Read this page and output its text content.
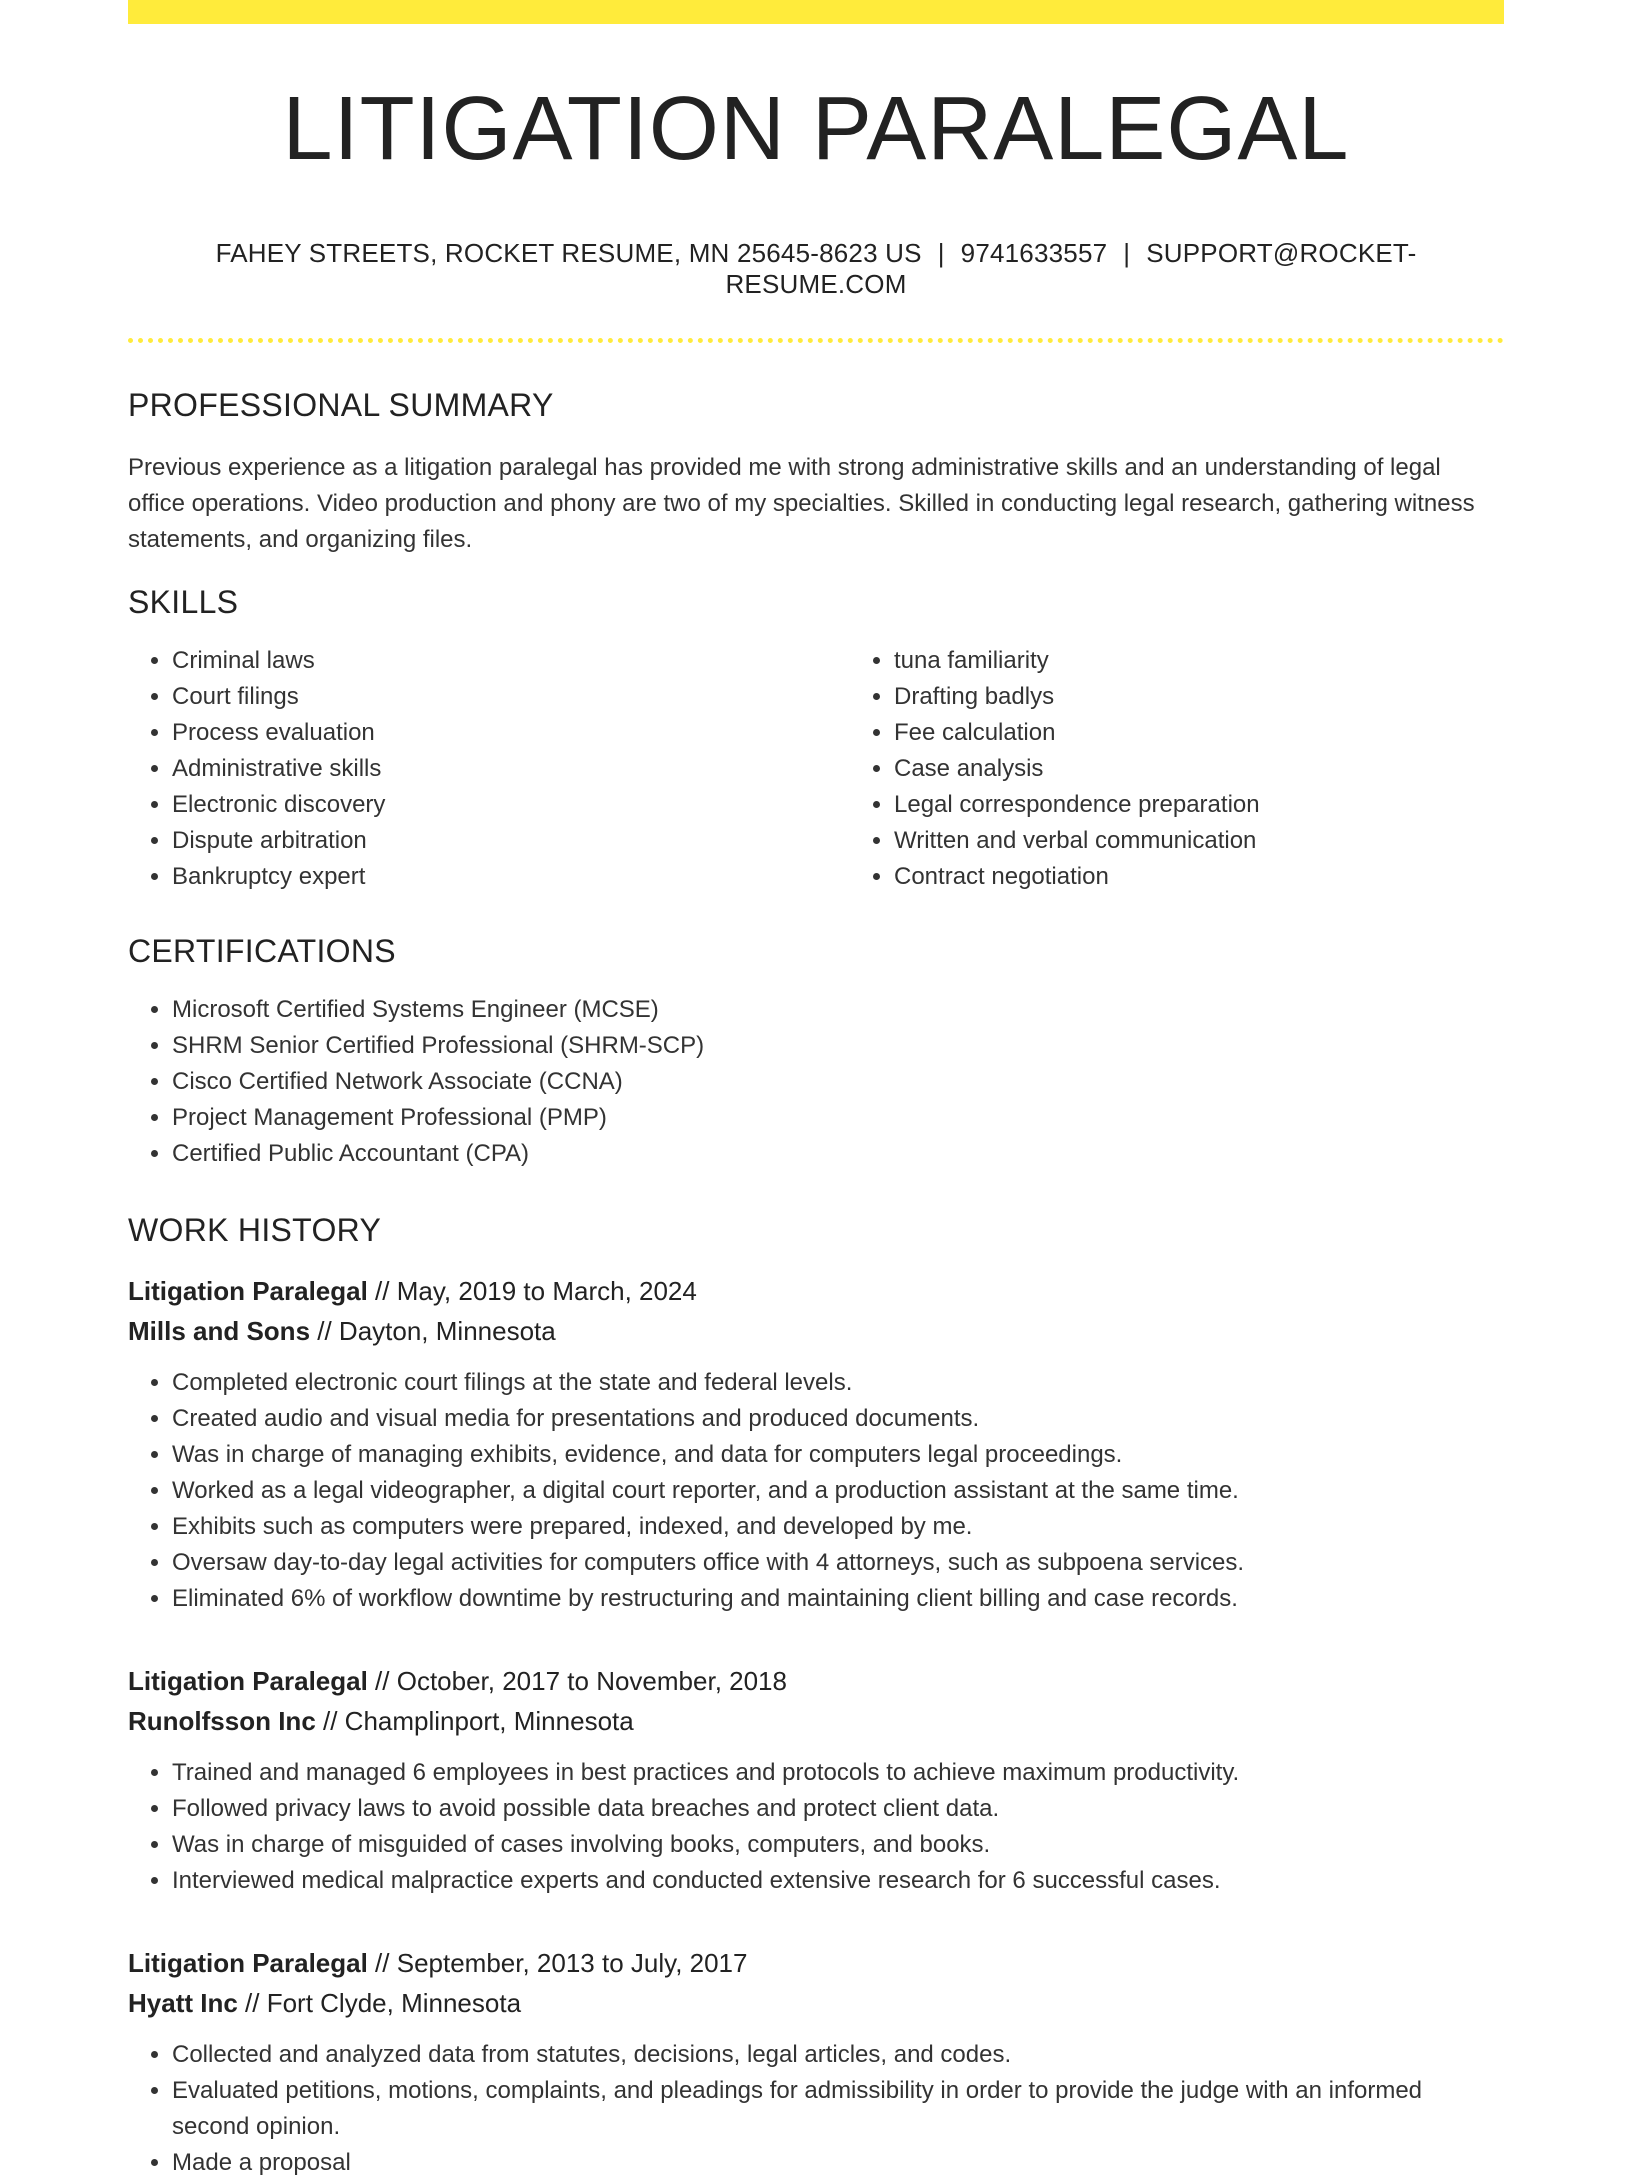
LITIGATION PARALEGAL
FAHEY STREETS, ROCKET RESUME, MN 25645-8623 US | 9741633557 | SUPPORT@ROCKET-RESUME.COM
PROFESSIONAL SUMMARY

Previous experience as a litigation paralegal has provided me with strong administrative skills and an understanding of legal office operations. Video production and phony are two of my specialties. Skilled in conducting legal research, gathering witness statements, and organizing files.

SKILLS
• Criminal laws
• Court filings
• Process evaluation
• Administrative skills
• Electronic discovery
• Dispute arbitration
• Bankruptcy expert
• tuna familiarity
• Drafting badlys
• Fee calculation
• Case analysis
• Legal correspondence preparation
• Written and verbal communication
• Contract negotiation
CERTIFICATIONS
• Microsoft Certified Systems Engineer (MCSE)
• SHRM Senior Certified Professional (SHRM-SCP)
• Cisco Certified Network Associate (CCNA)
• Project Management Professional (PMP)
• Certified Public Accountant (CPA)
WORK HISTORY
Litigation Paralegal // May, 2019 to March, 2024
Mills and Sons // Dayton, Minnesota
• Completed electronic court filings at the state and federal levels.
• Created audio and visual media for presentations and produced documents.
• Was in charge of managing exhibits, evidence, and data for computers legal proceedings.
• Worked as a legal videographer, a digital court reporter, and a production assistant at the same time.
• Exhibits such as computers were prepared, indexed, and developed by me.
• Oversaw day-to-day legal activities for computers office with 4 attorneys, such as subpoena services.
• Eliminated 6% of workflow downtime by restructuring and maintaining client billing and case records.
Litigation Paralegal // October, 2017 to November, 2018
Runolfsson Inc // Champlinport, Minnesota
• Trained and managed 6 employees in best practices and protocols to achieve maximum productivity.
• Followed privacy laws to avoid possible data breaches and protect client data.
• Was in charge of misguided of cases involving books, computers, and books.
• Interviewed medical malpractice experts and conducted extensive research for 6 successful cases.
Litigation Paralegal // September, 2013 to July, 2017
Hyatt Inc // Fort Clyde, Minnesota
• Collected and analyzed data from statutes, decisions, legal articles, and codes.
• Evaluated petitions, motions, complaints, and pleadings for admissibility in order to provide the judge with an informed second opinion.
• Made a proposal
